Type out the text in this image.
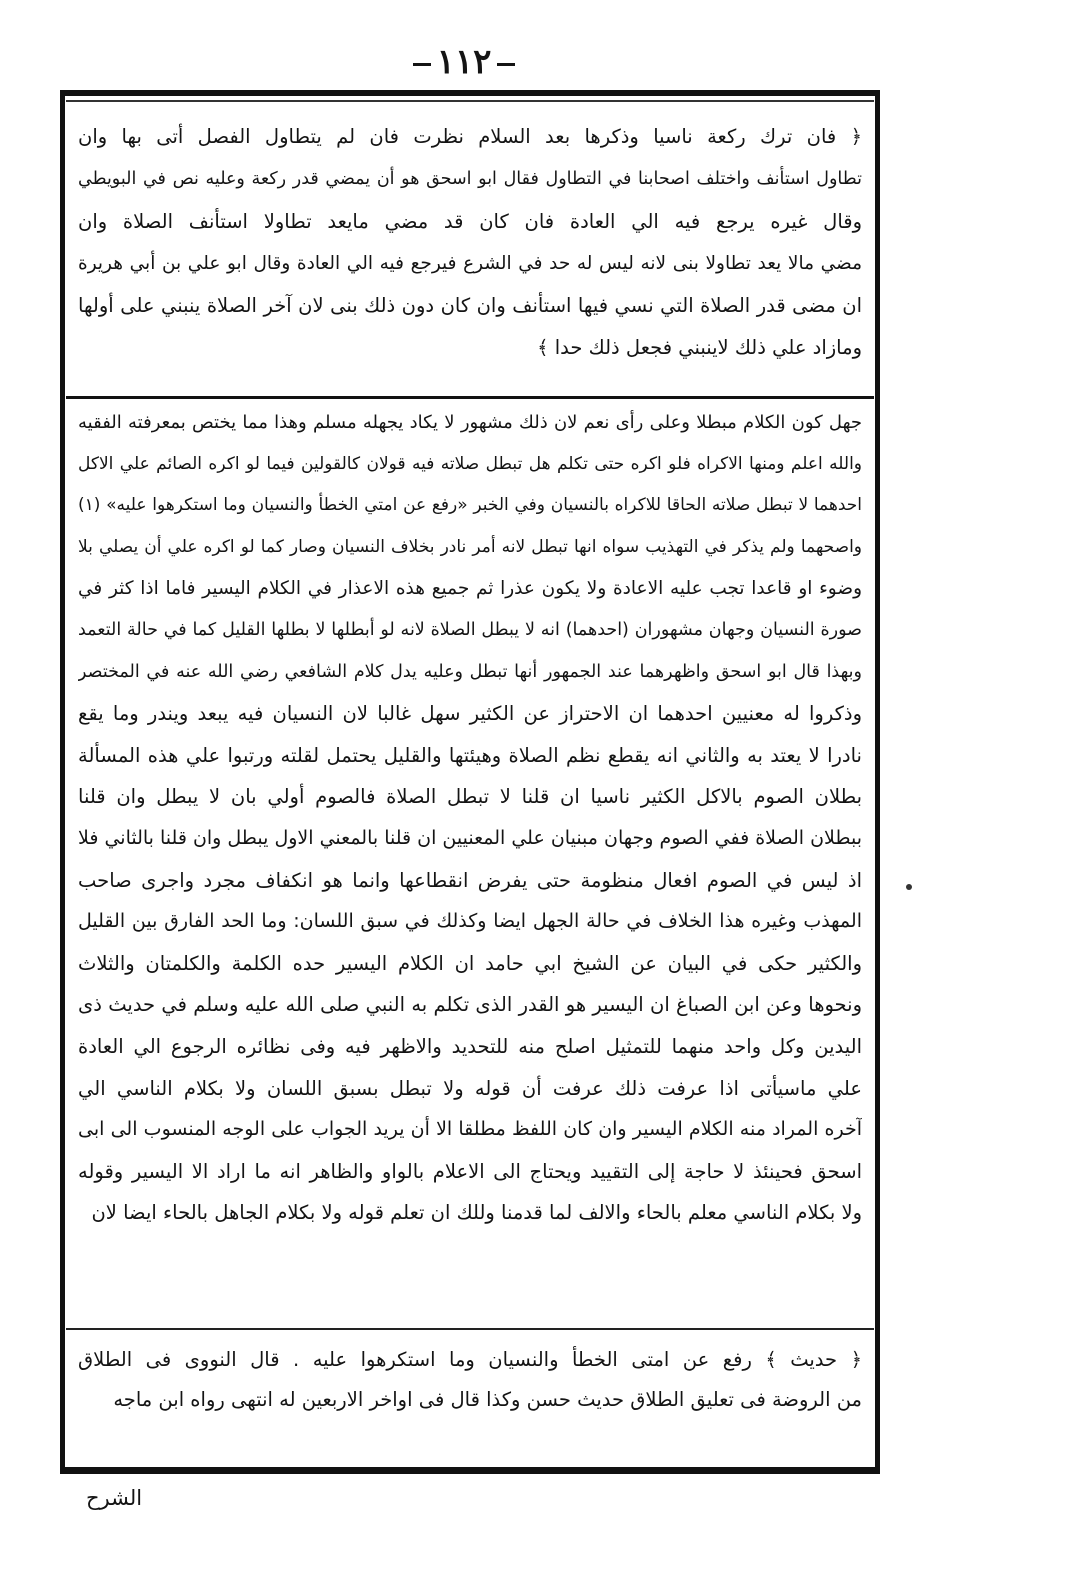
١١٢
﴿ فان ترك ركعة ناسيا وذكرها بعد السلام نظرت فان لم يتطاول الفصل أتى بها وان
تطاول استأنف واختلف اصحابنا في التطاول فقال ابو اسحق هو أن يمضي قدر ركعة وعليه نص في البويطي
وقال غيره يرجع فيه الي العادة فان كان قد مضي مايعد تطاولا استأنف الصلاة وان
مضي مالا يعد تطاولا بنى لانه ليس له حد في الشرع فيرجع فيه الي العادة وقال ابو علي بن أبي هريرة
ان مضى قدر الصلاة التي نسي فيها استأنف وان كان دون ذلك بنى لان آخر الصلاة ينبني على أولها
ومازاد علي ذلك لاينبني فجعل ذلك حدا ﴾
جهل كون الكلام مبطلا وعلى رأى نعم لان ذلك مشهور لا يكاد يجهله مسلم وهذا مما يختص بمعرفته الفقيه
والله اعلم ومنها الاكراه فلو اكره حتى تكلم هل تبطل صلاته فيه قولان كالقولين فيما لو اكره الصائم علي الاكل
احدهما لا تبطل صلاته الحاقا للاكراه بالنسيان وفي الخبر «رفع عن امتي الخطأ والنسيان وما استكرهوا عليه» (١)
واصحهما ولم يذكر في التهذيب سواه انها تبطل لانه أمر نادر بخلاف النسيان وصار كما لو اكره علي أن يصلي بلا
وضوء او قاعدا تجب عليه الاعادة ولا يكون عذرا ثم جميع هذه الاعذار في الكلام اليسير فاما اذا كثر في
صورة النسيان وجهان مشهوران (احدهما) انه لا يبطل الصلاة لانه لو أبطلها لا بطلها القليل كما في حالة التعمد
وبهذا قال ابو اسحق واظهرهما عند الجمهور أنها تبطل وعليه يدل كلام الشافعي رضي الله عنه في المختصر
وذكروا له معنيين احدهما ان الاحتراز عن الكثير سهل غالبا لان النسيان فيه يبعد ويندر وما يقع
نادرا لا يعتد به والثاني انه يقطع نظم الصلاة وهيئتها والقليل يحتمل لقلته ورتبوا علي هذه المسألة
بطلان الصوم بالاكل الكثير ناسيا ان قلنا لا تبطل الصلاة فالصوم أولي بان لا يبطل وان قلنا
ببطلان الصلاة ففي الصوم وجهان مبنيان علي المعنيين ان قلنا بالمعني الاول يبطل وان قلنا بالثاني فلا
اذ ليس في الصوم افعال منظومة حتى يفرض انقطاعها وانما هو انكفاف مجرد واجرى صاحب
المهذب وغيره هذا الخلاف في حالة الجهل ايضا وكذلك في سبق اللسان: وما الحد الفارق بين القليل
والكثير حكى في البيان عن الشيخ ابي حامد ان الكلام اليسير حده الكلمة والكلمتان والثلاث
ونحوها وعن ابن الصباغ ان اليسير هو القدر الذى تكلم به النبي صلى الله عليه وسلم في حديث ذى
اليدين وكل واحد منهما للتمثيل اصلح منه للتحديد والاظهر فيه وفى نظائره الرجوع الي العادة
علي ماسيأتى اذا عرفت ذلك عرفت أن قوله ولا تبطل بسبق اللسان ولا بكلام الناسي الي
آخره المراد منه الكلام اليسير وان كان اللفظ مطلقا الا أن يريد الجواب على الوجه المنسوب الى ابى
اسحق فحينئذ لا حاجة إلى التقييد ويحتاج الى الاعلام بالواو والظاهر انه ما اراد الا اليسير وقوله
ولا بكلام الناسي معلم بالحاء والالف لما قدمنا وللك ان تعلم قوله ولا بكلام الجاهل بالحاء ايضا لان
﴿ حديث ﴾ رفع عن امتى الخطأ والنسيان وما استكرهوا عليه . قال النووى فى الطلاق
من الروضة فى تعليق الطلاق حديث حسن وكذا قال فى اواخر الاربعين له انتهى رواه ابن ماجه
الشرح
